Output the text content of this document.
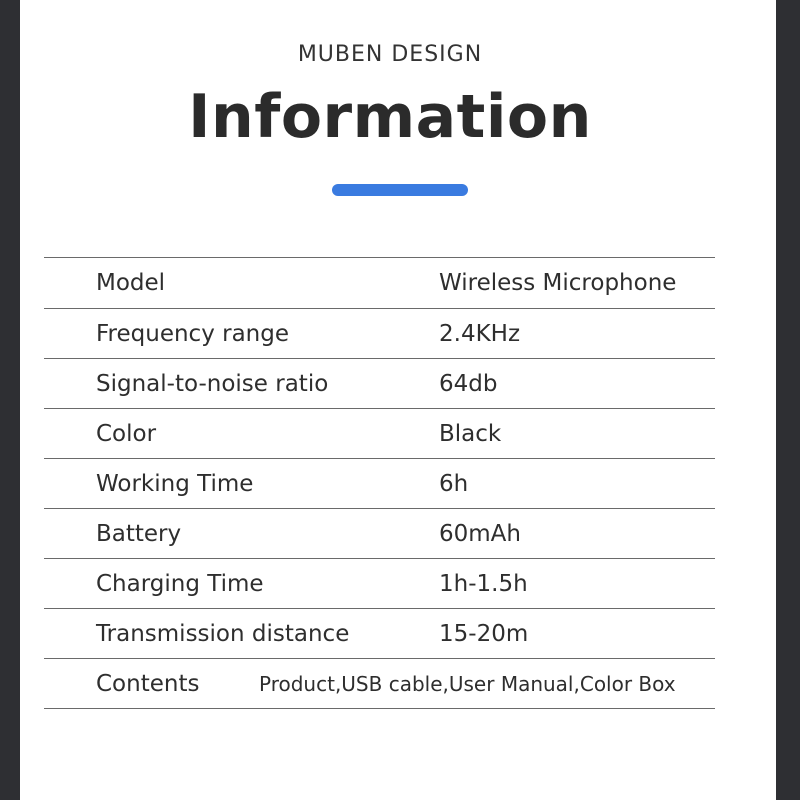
MUBEN DESIGN
Information
Model	Wireless Microphone
Frequency range	2.4KHz
Signal-to-noise ratio	64db
Color	Black
Working Time	6h
Battery	60mAh
Charging Time	1h-1.5h
Transmission distance	15-20m
Contents	Product,USB cable,User Manual,Color Box
